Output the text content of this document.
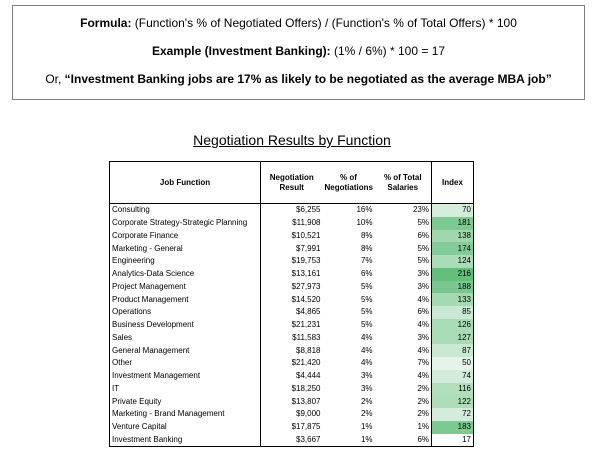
Formula: (Function's % of Negotiated Offers) / (Function's % of Total Offers) * 100
Example (Investment Banking): (1% / 6%) * 100 = 17
Or, “Investment Banking jobs are 17% as likely to be negotiated as the average MBA job”
Negotiation Results by Function
Job Function	Negotiation Result	% of Negotiations	% of Total Salaries	Index
Consulting	$6,255	16%	23%	70
Corporate Strategy-Strategic Planning	$11,908	10%	5%	181
Corporate Finance	$10,521	8%	6%	138
Marketing - General	$7,991	8%	5%	174
Engineering	$19,753	7%	5%	124
Analytics-Data Science	$13,161	6%	3%	216
Project Management	$27,973	5%	3%	188
Product Management	$14,520	5%	4%	133
Operations	$4,865	5%	6%	85
Business Development	$21,231	5%	4%	126
Sales	$11,583	4%	3%	127
General Management	$8,818	4%	4%	87
Other	$21,420	4%	7%	50
Investment Management	$4,444	3%	4%	74
IT	$18,250	3%	2%	116
Private Equity	$13,807	2%	2%	122
Marketing - Brand Management	$9,000	2%	2%	72
Venture Capital	$17,875	1%	1%	183
Investment Banking	$3,667	1%	6%	17
